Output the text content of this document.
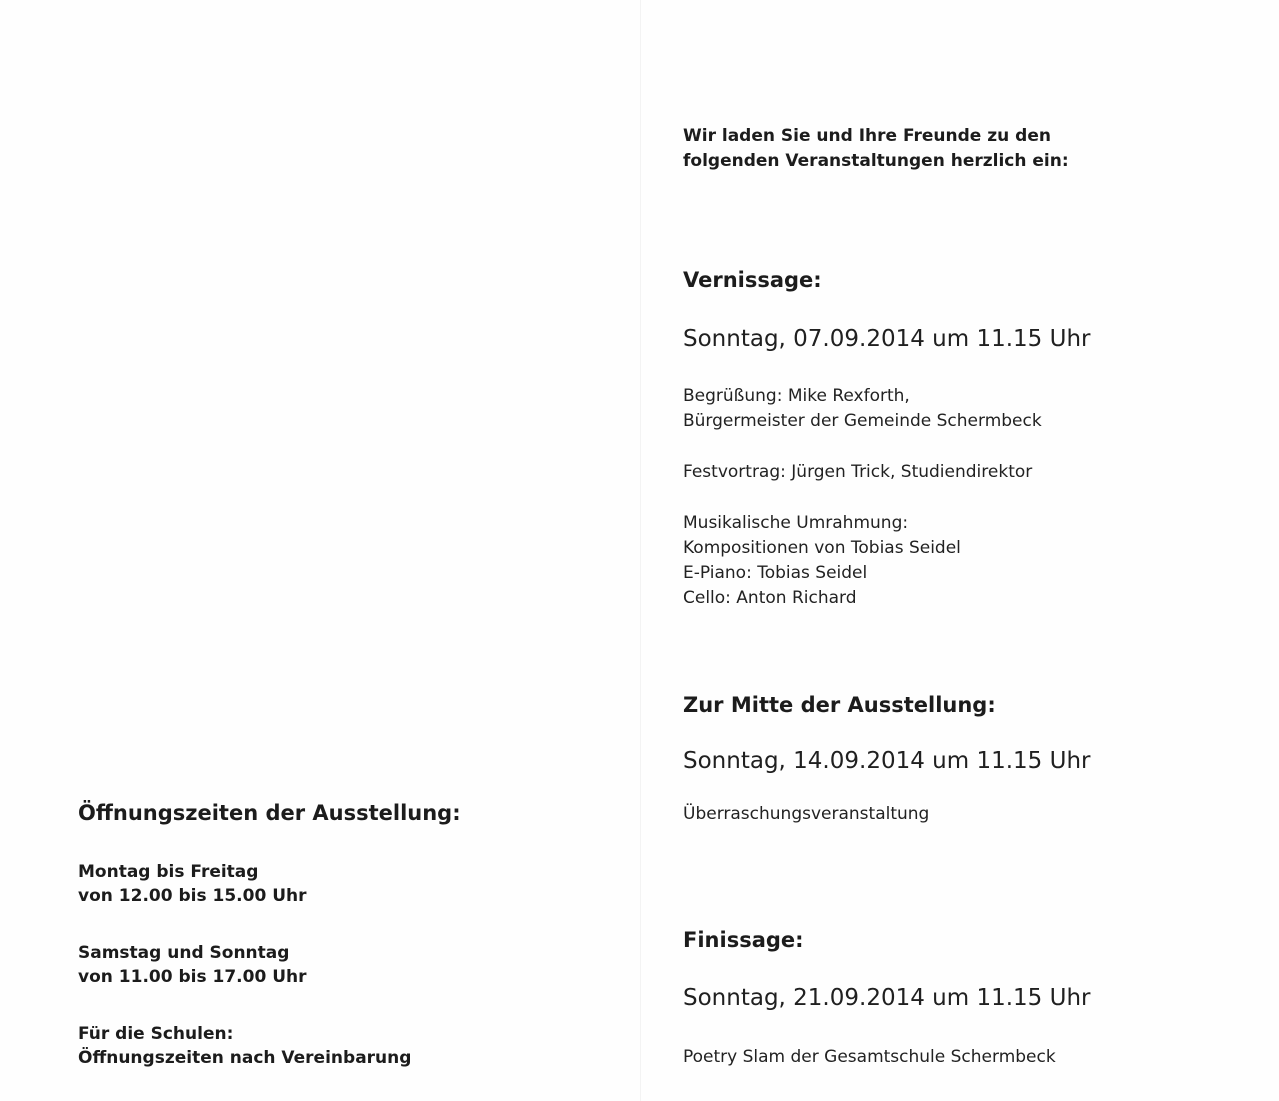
Wir laden Sie und Ihre Freunde zu den
folgenden Veranstaltungen herzlich ein:
Vernissage:
Sonntag, 07.09.2014 um 11.15 Uhr
Begrüßung: Mike Rexforth,
Bürgermeister der Gemeinde Schermbeck
Festvortrag: Jürgen Trick, Studiendirektor
Musikalische Umrahmung:
Kompositionen von Tobias Seidel
E-Piano: Tobias Seidel
Cello: Anton Richard
Zur Mitte der Ausstellung:
Sonntag, 14.09.2014 um 11.15 Uhr
Überraschungsveranstaltung
Finissage:
Sonntag, 21.09.2014 um 11.15 Uhr
Poetry Slam der Gesamtschule Schermbeck
Öffnungszeiten der Ausstellung:
Montag bis Freitag
von 12.00 bis 15.00 Uhr
Samstag und Sonntag
von 11.00 bis 17.00 Uhr
Für die Schulen:
Öffnungszeiten nach Vereinbarung
